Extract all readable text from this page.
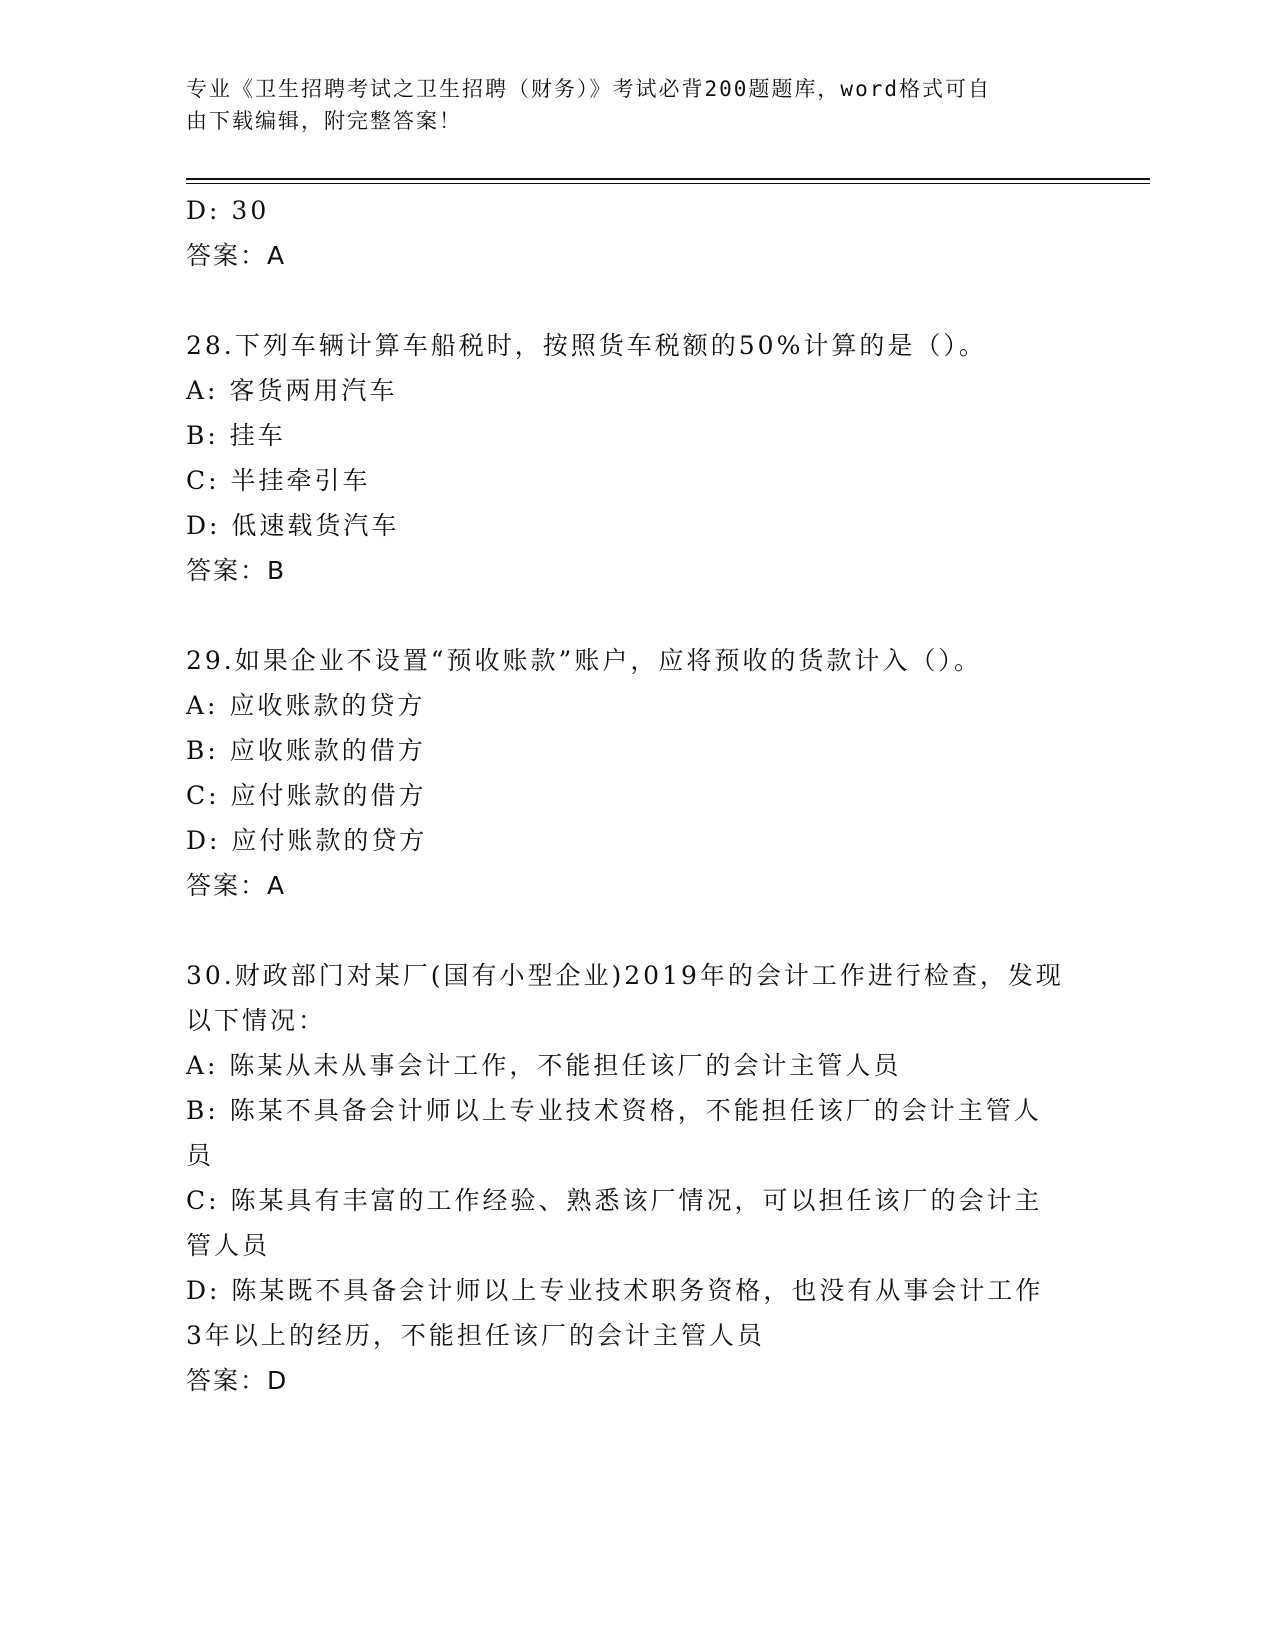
专业《卫生招聘考试之卫生招聘（财务）》考试必背200题题库，word格式可自
由下载编辑，附完整答案！
D: 30
答案：A
28.下列车辆计算车船税时，按照货车税额的50%计算的是（）。
A: 客货两用汽车
B: 挂车
C: 半挂牵引车
D: 低速载货汽车
答案：B
29.如果企业不设置“预收账款”账户，应将预收的货款计入（）。
A: 应收账款的贷方
B: 应收账款的借方
C: 应付账款的借方
D: 应付账款的贷方
答案：A
30.财政部门对某厂(国有小型企业)2019年的会计工作进行检查，发现
以下情况：
A: 陈某从未从事会计工作，不能担任该厂的会计主管人员
B: 陈某不具备会计师以上专业技术资格，不能担任该厂的会计主管人
员
C: 陈某具有丰富的工作经验、熟悉该厂情况，可以担任该厂的会计主
管人员
D: 陈某既不具备会计师以上专业技术职务资格，也没有从事会计工作
3年以上的经历，不能担任该厂的会计主管人员
答案：D
